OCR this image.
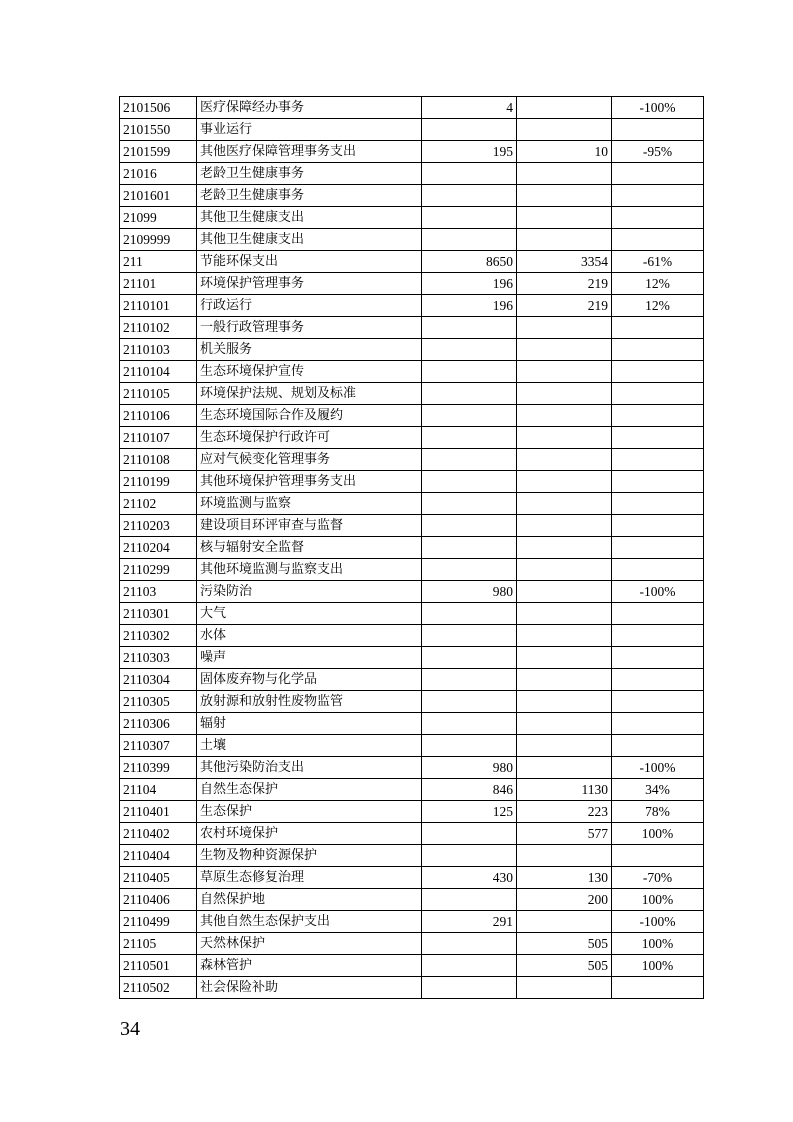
2101506	医疗保障经办事务	4		-100%
2101550	事业运行			
2101599	其他医疗保障管理事务支出	195	10	-95%
21016	老龄卫生健康事务			
2101601	老龄卫生健康事务			
21099	其他卫生健康支出			
2109999	其他卫生健康支出			
211	节能环保支出	8650	3354	-61%
21101	环境保护管理事务	196	219	12%
2110101	行政运行	196	219	12%
2110102	一般行政管理事务			
2110103	机关服务			
2110104	生态环境保护宣传			
2110105	环境保护法规、规划及标准			
2110106	生态环境国际合作及履约			
2110107	生态环境保护行政许可			
2110108	应对气候变化管理事务			
2110199	其他环境保护管理事务支出			
21102	环境监测与监察			
2110203	建设项目环评审查与监督			
2110204	核与辐射安全监督			
2110299	其他环境监测与监察支出			
21103	污染防治	980		-100%
2110301	大气			
2110302	水体			
2110303	噪声			
2110304	固体废弃物与化学品			
2110305	放射源和放射性废物监管			
2110306	辐射			
2110307	土壤			
2110399	其他污染防治支出	980		-100%
21104	自然生态保护	846	1130	34%
2110401	生态保护	125	223	78%
2110402	农村环境保护		577	100%
2110404	生物及物种资源保护			
2110405	草原生态修复治理	430	130	-70%
2110406	自然保护地		200	100%
2110499	其他自然生态保护支出	291		-100%
21105	天然林保护		505	100%
2110501	森林管护		505	100%
2110502	社会保险补助			
34
